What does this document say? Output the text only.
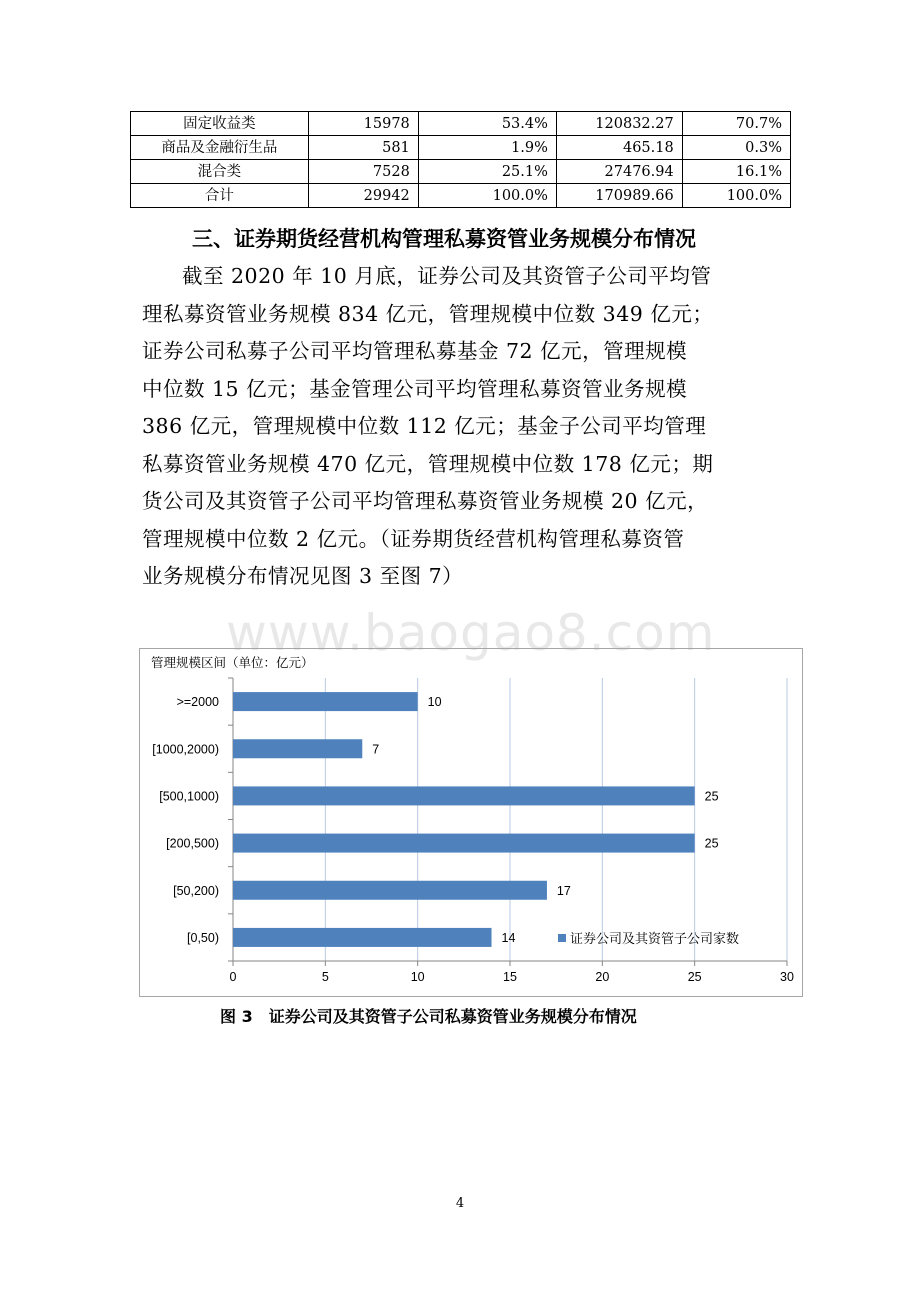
固定收益类	15978	53.4%	120832.27	70.7%
商品及金融衍生品	581	1.9%	465.18	0.3%
混合类	7528	25.1%	27476.94	16.1%
合计	29942	100.0%	170989.66	100.0%
三、证券期货经营机构管理私募资管业务规模分布情况
截至 2020 年 10 月底，证券公司及其资管子公司平均管
理私募资管业务规模 834 亿元，管理规模中位数 349 亿元；
证券公司私募子公司平均管理私募基金 72 亿元，管理规模
中位数 15 亿元；基金管理公司平均管理私募资管业务规模
386 亿元，管理规模中位数 112 亿元；基金子公司平均管理
私募资管业务规模 470 亿元，管理规模中位数 178 亿元；期
货公司及其资管子公司平均管理私募资管业务规模 20 亿元，
管理规模中位数 2 亿元。（证券期货经营机构管理私募资管
业务规模分布情况见图 3 至图 7）
www.baogao8.com
管理规模区间（单位：亿元）
0	5	10	15	20	25	30
>=2000	10
[1000,2000)	7
[500,1000)	25
[200,500)	25
[50,200)	17
[0,50)	14	证券公司及其资管子公司家数
图 3 证券公司及其资管子公司私募资管业务规模分布情况
4
